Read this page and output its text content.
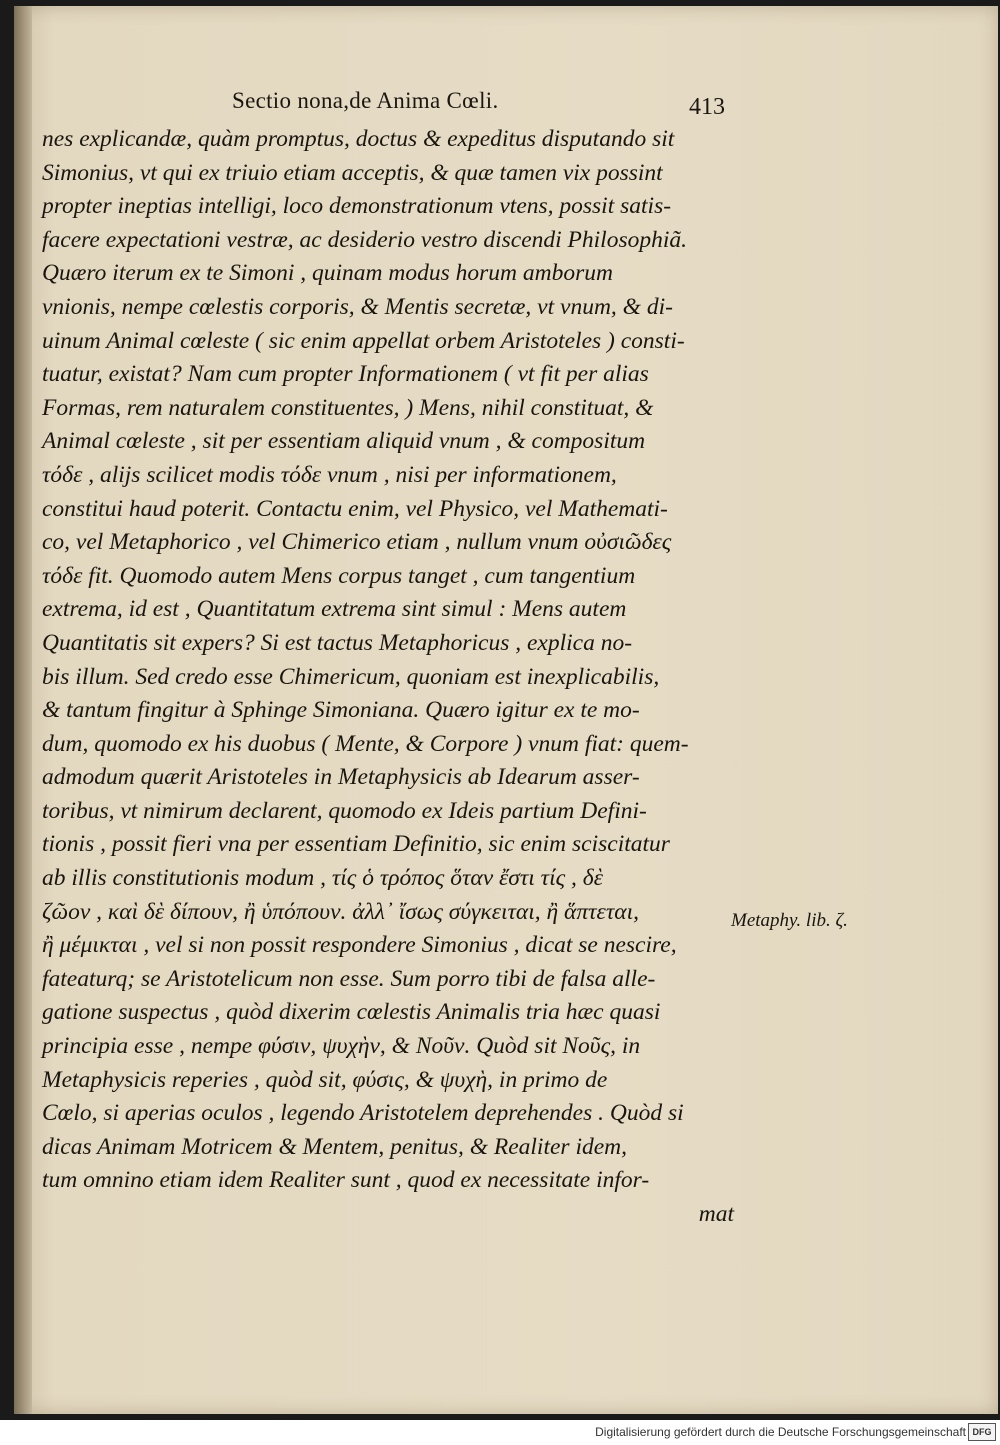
Sectio nona,de Anima Cœli.	413
nes explicandæ, quàm promptus, doctus & expeditus disputando sit
Simonius, vt qui ex triuio etiam acceptis, & quæ tamen vix possint
propter ineptias intelligi, loco demonstrationum vtens, possit satis-
facere expectationi vestræ, ac desiderio vestro discendi Philosophiã.
Quæro iterum ex te Simoni , quinam modus horum amborum
vnionis, nempe cœlestis corporis, & Mentis secretæ, vt vnum, & di-
uinum Animal cœleste ( sic enim appellat orbem Aristoteles ) consti-
tuatur, existat? Nam cum propter Informationem ( vt fit per alias
Formas, rem naturalem constituentes, ) Mens, nihil constituat, &
Animal cœleste , sit per essentiam aliquid vnum , & compositum
τόδε , alijs scilicet modis τόδε vnum , nisi per informationem,
constitui haud poterit. Contactu enim, vel Physico, vel Mathemati-
co, vel Metaphorico , vel Chimerico etiam , nullum vnum οὐσιῶδες
τόδε fit. Quomodo autem Mens corpus tanget , cum tangentium
extrema, id est , Quantitatum extrema sint simul : Mens autem
Quantitatis sit expers? Si est tactus Metaphoricus , explica no-
bis illum. Sed credo esse Chimericum, quoniam est inexplicabilis,
& tantum fingitur à Sphinge Simoniana. Quæro igitur ex te mo-
dum, quomodo ex his duobus ( Mente, & Corpore ) vnum fiat: quem-
admodum quærit Aristoteles in Metaphysicis ab Idearum asser-
toribus, vt nimirum declarent, quomodo ex Ideis partium Defini-
tionis , possit fieri vna per essentiam Definitio, sic enim sciscitatur
ab illis constitutionis modum , τίς ὁ τρόπος ὅταν ἔστι τίς , δὲ
ζῶον , καὶ δὲ δίπουν, ἢ ὑπόπουν. ἀλλ᾽ ἴσως σύγκειται, ἢ ἅπτεται,
ἢ μέμικται , vel si non possit respondere Simonius , dicat se nescire,
fateaturq; se Aristotelicum non esse. Sum porro tibi de falsa alle-
gatione suspectus , quòd dixerim cœlestis Animalis tria hæc quasi
principia esse , nempe φύσιν, ψυχὴν, & Νοῦν. Quòd sit Νοῦς, in
Metaphysicis reperies , quòd sit, φύσις, & ψυχὴ, in primo de
Cœlo, si aperias oculos , legendo Aristotelem deprehendes . Quòd si
dicas Animam Motricem & Mentem, penitus, & Realiter idem,
tum omnino etiam idem Realiter sunt , quod ex necessitate infor-
mat
Metaphy. lib. ζ.
Digitalisierung gefördert durch die Deutsche Forschungsgemeinschaft DFG
